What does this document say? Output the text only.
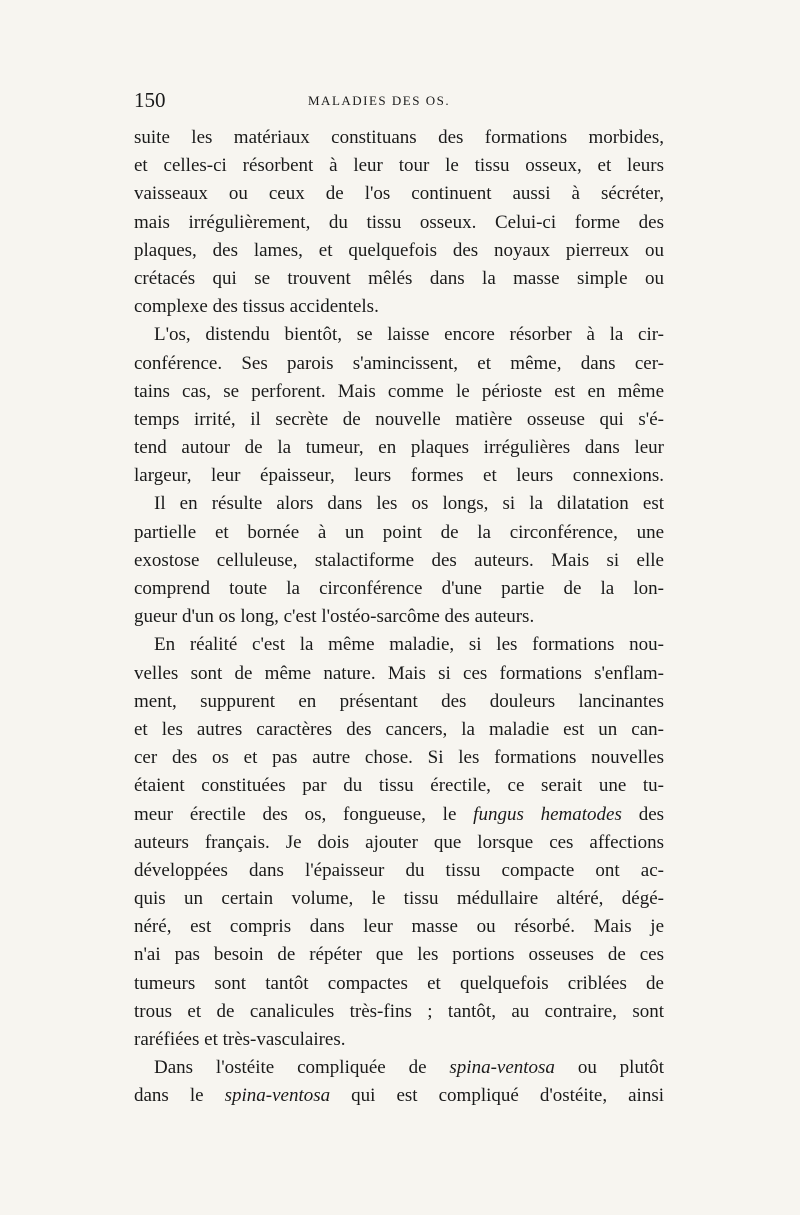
150	MALADIES DES OS.
suite les matériaux constituans des formations morbides,
et celles-ci résorbent à leur tour le tissu osseux, et leurs
vaisseaux ou ceux de l'os continuent aussi à sécréter,
mais irrégulièrement, du tissu osseux. Celui-ci forme des
plaques, des lames, et quelquefois des noyaux pierreux ou
crétacés qui se trouvent mêlés dans la masse simple ou
complexe des tissus accidentels.
L'os, distendu bientôt, se laisse encore résorber à la cir-
conférence. Ses parois s'amincissent, et même, dans cer-
tains cas, se perforent. Mais comme le périoste est en même
temps irrité, il secrète de nouvelle matière osseuse qui s'é-
tend autour de la tumeur, en plaques irrégulières dans leur
largeur, leur épaisseur, leurs formes et leurs connexions.
Il en résulte alors dans les os longs, si la dilatation est
partielle et bornée à un point de la circonférence, une
exostose celluleuse, stalactiforme des auteurs. Mais si elle
comprend toute la circonférence d'une partie de la lon-
gueur d'un os long, c'est l'ostéo-sarcôme des auteurs.
En réalité c'est la même maladie, si les formations nou-
velles sont de même nature. Mais si ces formations s'enflam-
ment, suppurent en présentant des douleurs lancinantes
et les autres caractères des cancers, la maladie est un can-
cer des os et pas autre chose. Si les formations nouvelles
étaient constituées par du tissu érectile, ce serait une tu-
meur érectile des os, fongueuse, le fungus hematodes des
auteurs français. Je dois ajouter que lorsque ces affections
développées dans l'épaisseur du tissu compacte ont ac-
quis un certain volume, le tissu médullaire altéré, dégé-
néré, est compris dans leur masse ou résorbé. Mais je
n'ai pas besoin de répéter que les portions osseuses de ces
tumeurs sont tantôt compactes et quelquefois criblées de
trous et de canalicules très-fins ; tantôt, au contraire, sont
raréfiées et très-vasculaires.
Dans l'ostéite compliquée de spina-ventosa ou plutôt
dans le spina-ventosa qui est compliqué d'ostéite, ainsi
